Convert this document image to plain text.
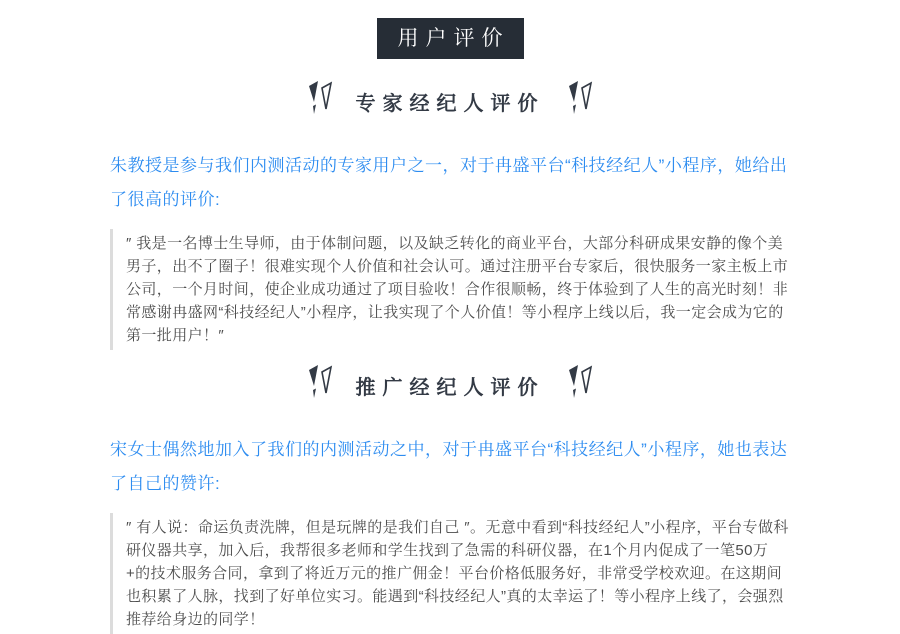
用户评价
专家经纪人评价

朱教授是参与我们内测活动的专家用户之一，对于冉盛平台“科技经纪人”小程序，她给出了很高的评价:

″ 我是一名博士生导师，由于体制问题，以及缺乏转化的商业平台，大部分科研成果安静的像个美男子，出不了圈子！很难实现个人价值和社会认可。通过注册平台专家后，很快服务一家主板上市公司，一个月时间，使企业成功通过了项目验收！合作很顺畅，终于体验到了人生的高光时刻！非常感谢冉盛网“科技经纪人”小程序，让我实现了个人价值！等小程序上线以后，我一定会成为它的第一批用户！″
推广经纪人评价

宋女士偶然地加入了我们的内测活动之中，对于冉盛平台“科技经纪人”小程序，她也表达了自己的赞许:

″ 有人说：命运负责洗牌，但是玩牌的是我们自己 ″。无意中看到“科技经纪人”小程序，平台专做科研仪器共享，加入后，我帮很多老师和学生找到了急需的科研仪器，在1个月内促成了一笔50万+的技术服务合同，拿到了将近万元的推广佣金！平台价格低服务好，非常受学校欢迎。在这期间也积累了人脉，找到了好单位实习。能遇到“科技经纪人”真的太幸运了！等小程序上线了，会强烈推荐给身边的同学！
